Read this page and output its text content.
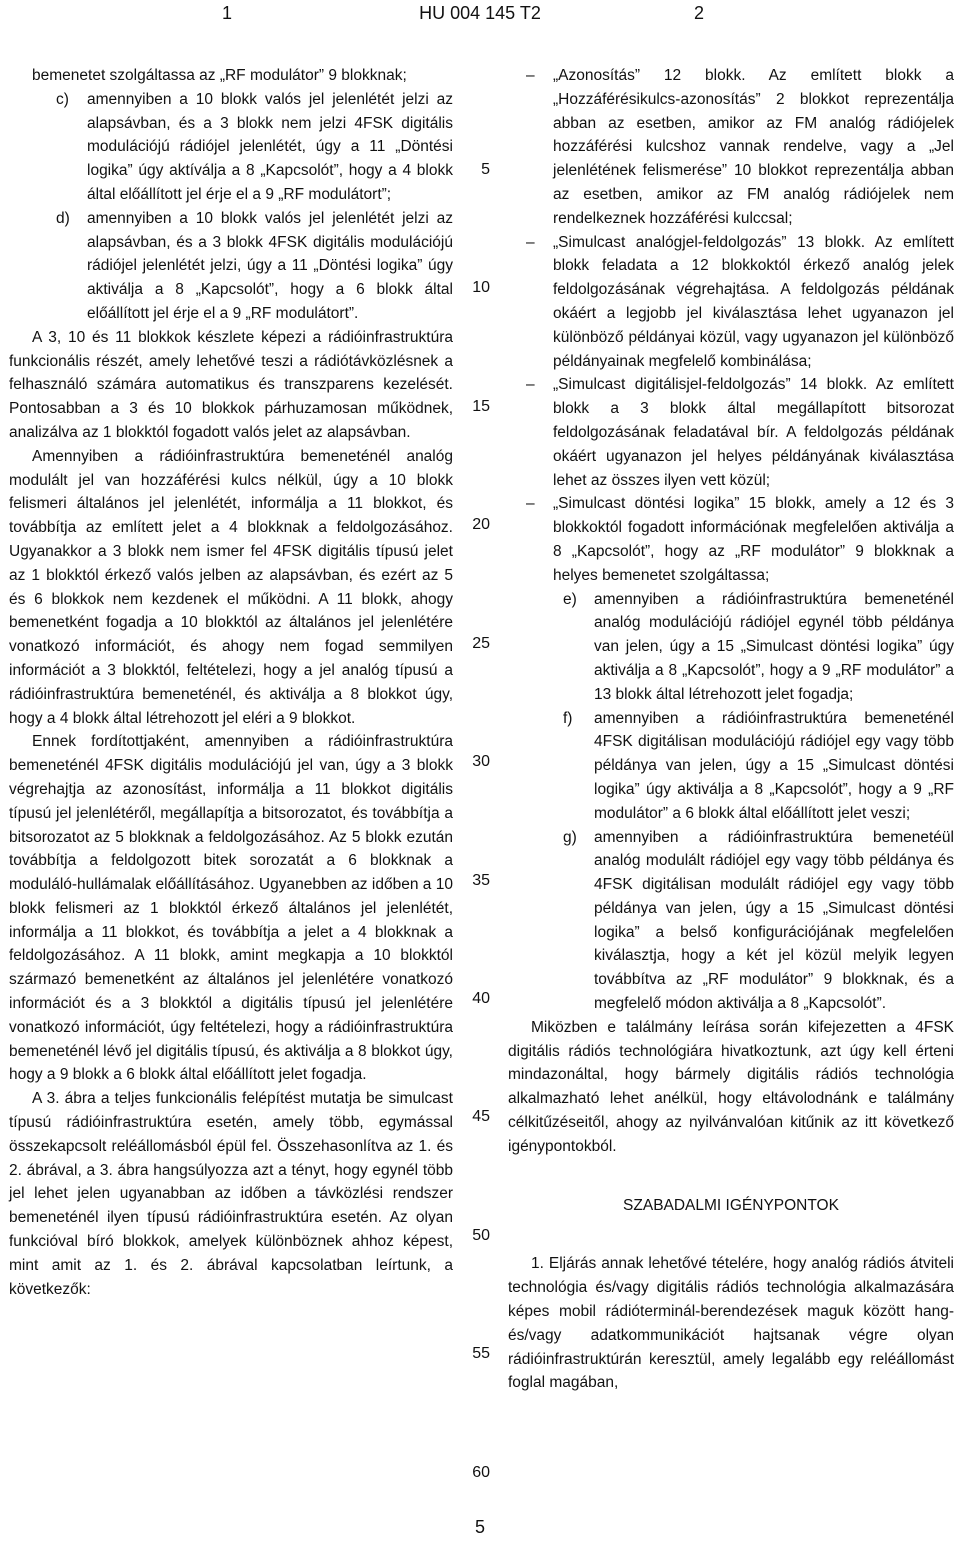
1	HU 004 145 T2	2

bemenetet szolgáltassa az „RF modulátor” 9 blokknak;

c) amennyiben a 10 blokk valós jel jelenlétét jelzi az alapsávban, és a 3 blokk nem jelzi 4FSK digitális modulációjú rádiójel jelenlétét, úgy a 11 „Döntési logika” úgy aktíválja a 8 „Kapcsolót”, hogy a 4 blokk által előállított jel érje el a 9 „RF modulátort”;
d) amennyiben a 10 blokk valós jel jelenlétét jelzi az alapsávban, és a 3 blokk 4FSK digitális modulációjú rádiójel jelenlétét jelzi, úgy a 11 „Döntési logika” úgy aktiválja a 8 „Kapcsolót”, hogy a 6 blokk által előállított jel érje el a 9 „RF modulátort”.

A 3, 10 és 11 blokkok készlete képezi a rádióinfrastruktúra funkcionális részét, amely lehetővé teszi a rádiótávközlésnek a felhasználó számára automatikus és transzparens kezelését. Pontosabban a 3 és 10 blokkok párhuzamosan működnek, analizálva az 1 blokktól fogadott valós jelet az alapsávban.

Amennyiben a rádióinfrastruktúra bemeneténél analóg modulált jel van hozzáférési kulcs nélkül, úgy a 10 blokk felismeri általános jel jelenlétét, informálja a 11 blokkot, és továbbítja az említett jelet a 4 blokknak a feldolgozásához. Ugyanakkor a 3 blokk nem ismer fel 4FSK digitális típusú jelet az 1 blokktól érkező valós jelben az alapsávban, és ezért az 5 és 6 blokkok nem kezdenek el működni. A 11 blokk, ahogy bemenetként fogadja a 10 blokktól az általános jel jelenlétére vonatkozó információt, és ahogy nem fogad semmilyen információt a 3 blokktól, feltételezi, hogy a jel analóg típusú a rádióinfrastruktúra bemeneténél, és aktiválja a 8 blokkot úgy, hogy a 4 blokk által létrehozott jel eléri a 9 blokkot.

Ennek fordítottjaként, amennyiben a rádióinfrastruktúra bemeneténél 4FSK digitális modulációjú jel van, úgy a 3 blokk végrehajtja az azonosítást, informálja a 11 blokkot digitális típusú jel jelenlétéről, megállapítja a bitsorozatot, és továbbítja a bitsorozatot az 5 blokknak a feldolgozásához. Az 5 blokk ezután továbbítja a feldolgozott bitek sorozatát a 6 blokknak a moduláló-hullámalak előállításához. Ugyanebben az időben a 10 blokk felismeri az 1 blokktól érkező általános jel jelenlétét, informálja a 11 blokkot, és továbbítja a jelet a 4 blokknak a feldolgozásához. A 11 blokk, amint megkapja a 10 blokktól származó bemenetként az általános jel jelenlétére vonatkozó információt és a 3 blokktól a digitális típusú jel jelenlétére vonatkozó információt, úgy feltételezi, hogy a rádióinfrastruktúra bemeneténél lévő jel digitális típusú, és aktiválja a 8 blokkot úgy, hogy a 9 blokk a 6 blokk által előállított jelet fogadja.

A 3. ábra a teljes funkcionális felépítést mutatja be simulcast típusú rádióinfrastruktúra esetén, amely több, egymással összekapcsolt reléállomásból épül fel. Összehasonlítva az 1. és 2. ábrával, a 3. ábra hangsúlyozza azt a tényt, hogy egynél több jel lehet jelen ugyanabban az időben a távközlési rendszer bemeneténél ilyen típusú rádióinfrastruktúra esetén. Az olyan funkcióval bíró blokkok, amelyek különböznek ahhoz képest, mint amit az 1. és 2. ábrával kapcsolatban leírtunk, a következők:

5
10
15
20
25
30
35
40
45
50
55
60
– „Azonosítás” 12 blokk. Az említett blokk a „Hozzáférésikulcs-azonosítás” 2 blokkot reprezentálja abban az esetben, amikor az FM analóg rádiójelek hozzáférési kulcshoz vannak rendelve, vagy a „Jel jelenlétének felismerése” 10 blokkot reprezentálja abban az esetben, amikor az FM analóg rádiójelek nem rendelkeznek hozzáférési kulccsal;
– „Simulcast analógjel-feldolgozás” 13 blokk. Az említett blokk feladata a 12 blokkoktól érkező analóg jelek feldolgozásának végrehajtása. A feldolgozás példának okáért a legjobb jel kiválasztása lehet ugyanazon jel különböző példányai közül, vagy ugyanazon jel különböző példányainak megfelelő kombinálása;
– „Simulcast digitálisjel-feldolgozás” 14 blokk. Az említett blokk a 3 blokk által megállapított bitsorozat feldolgozásának feladatával bír. A feldolgozás példának okáért ugyanazon jel helyes példányának kiválasztása lehet az összes ilyen vett közül;
– „Simulcast döntési logika” 15 blokk, amely a 12 és 3 blokkoktól fogadott információnak megfelelően aktiválja a 8 „Kapcsolót”, hogy az „RF modulátor” 9 blokknak a helyes bemenetet szolgáltassa;
e) amennyiben a rádióinfrastruktúra bemeneténél analóg modulációjú rádiójel egynél több példánya van jelen, úgy a 15 „Simulcast döntési logika” úgy aktiválja a 8 „Kapcsolót”, hogy a 9 „RF modulátor” a 13 blokk által létrehozott jelet fogadja;
f) amennyiben a rádióinfrastruktúra bemeneténél 4FSK digitálisan modulációjú rádiójel egy vagy több példánya van jelen, úgy a 15 „Simulcast döntési logika” úgy aktiválja a 8 „Kapcsolót”, hogy a 9 „RF modulátor” a 6 blokk által előállított jelet veszi;
g) amennyiben a rádióinfrastruktúra bemenetéül analóg modulált rádiójel egy vagy több példánya és 4FSK digitálisan modulált rádiójel egy vagy több példánya van jelen, úgy a 15 „Simulcast döntési logika” a belső konfigurációjának megfelelően kiválasztja, hogy a két jel közül melyik legyen továbbítva az „RF modulátor” 9 blokknak, és a megfelelő módon aktiválja a 8 „Kapcsolót”.

Miközben e találmány leírása során kifejezetten a 4FSK digitális rádiós technológiára hivatkoztunk, azt úgy kell érteni mindazonáltal, hogy bármely digitális rádiós technológia alkalmazható lehet anélkül, hogy eltávolodnánk e találmány célkitűzéseitől, ahogy az nyilvánvalóan kitűnik az itt következő igénypontokból.

SZABADALMI IGÉNYPONTOK

1. Eljárás annak lehetővé tételére, hogy analóg rádiós átviteli technológia és/vagy digitális rádiós technológia alkalmazására képes mobil rádióterminál-berendezések maguk között hang- és/vagy adatkommunikációt hajtsanak végre olyan rádióinfrastruktúrán keresztül, amely legalább egy reléállomást foglal magában,

5
